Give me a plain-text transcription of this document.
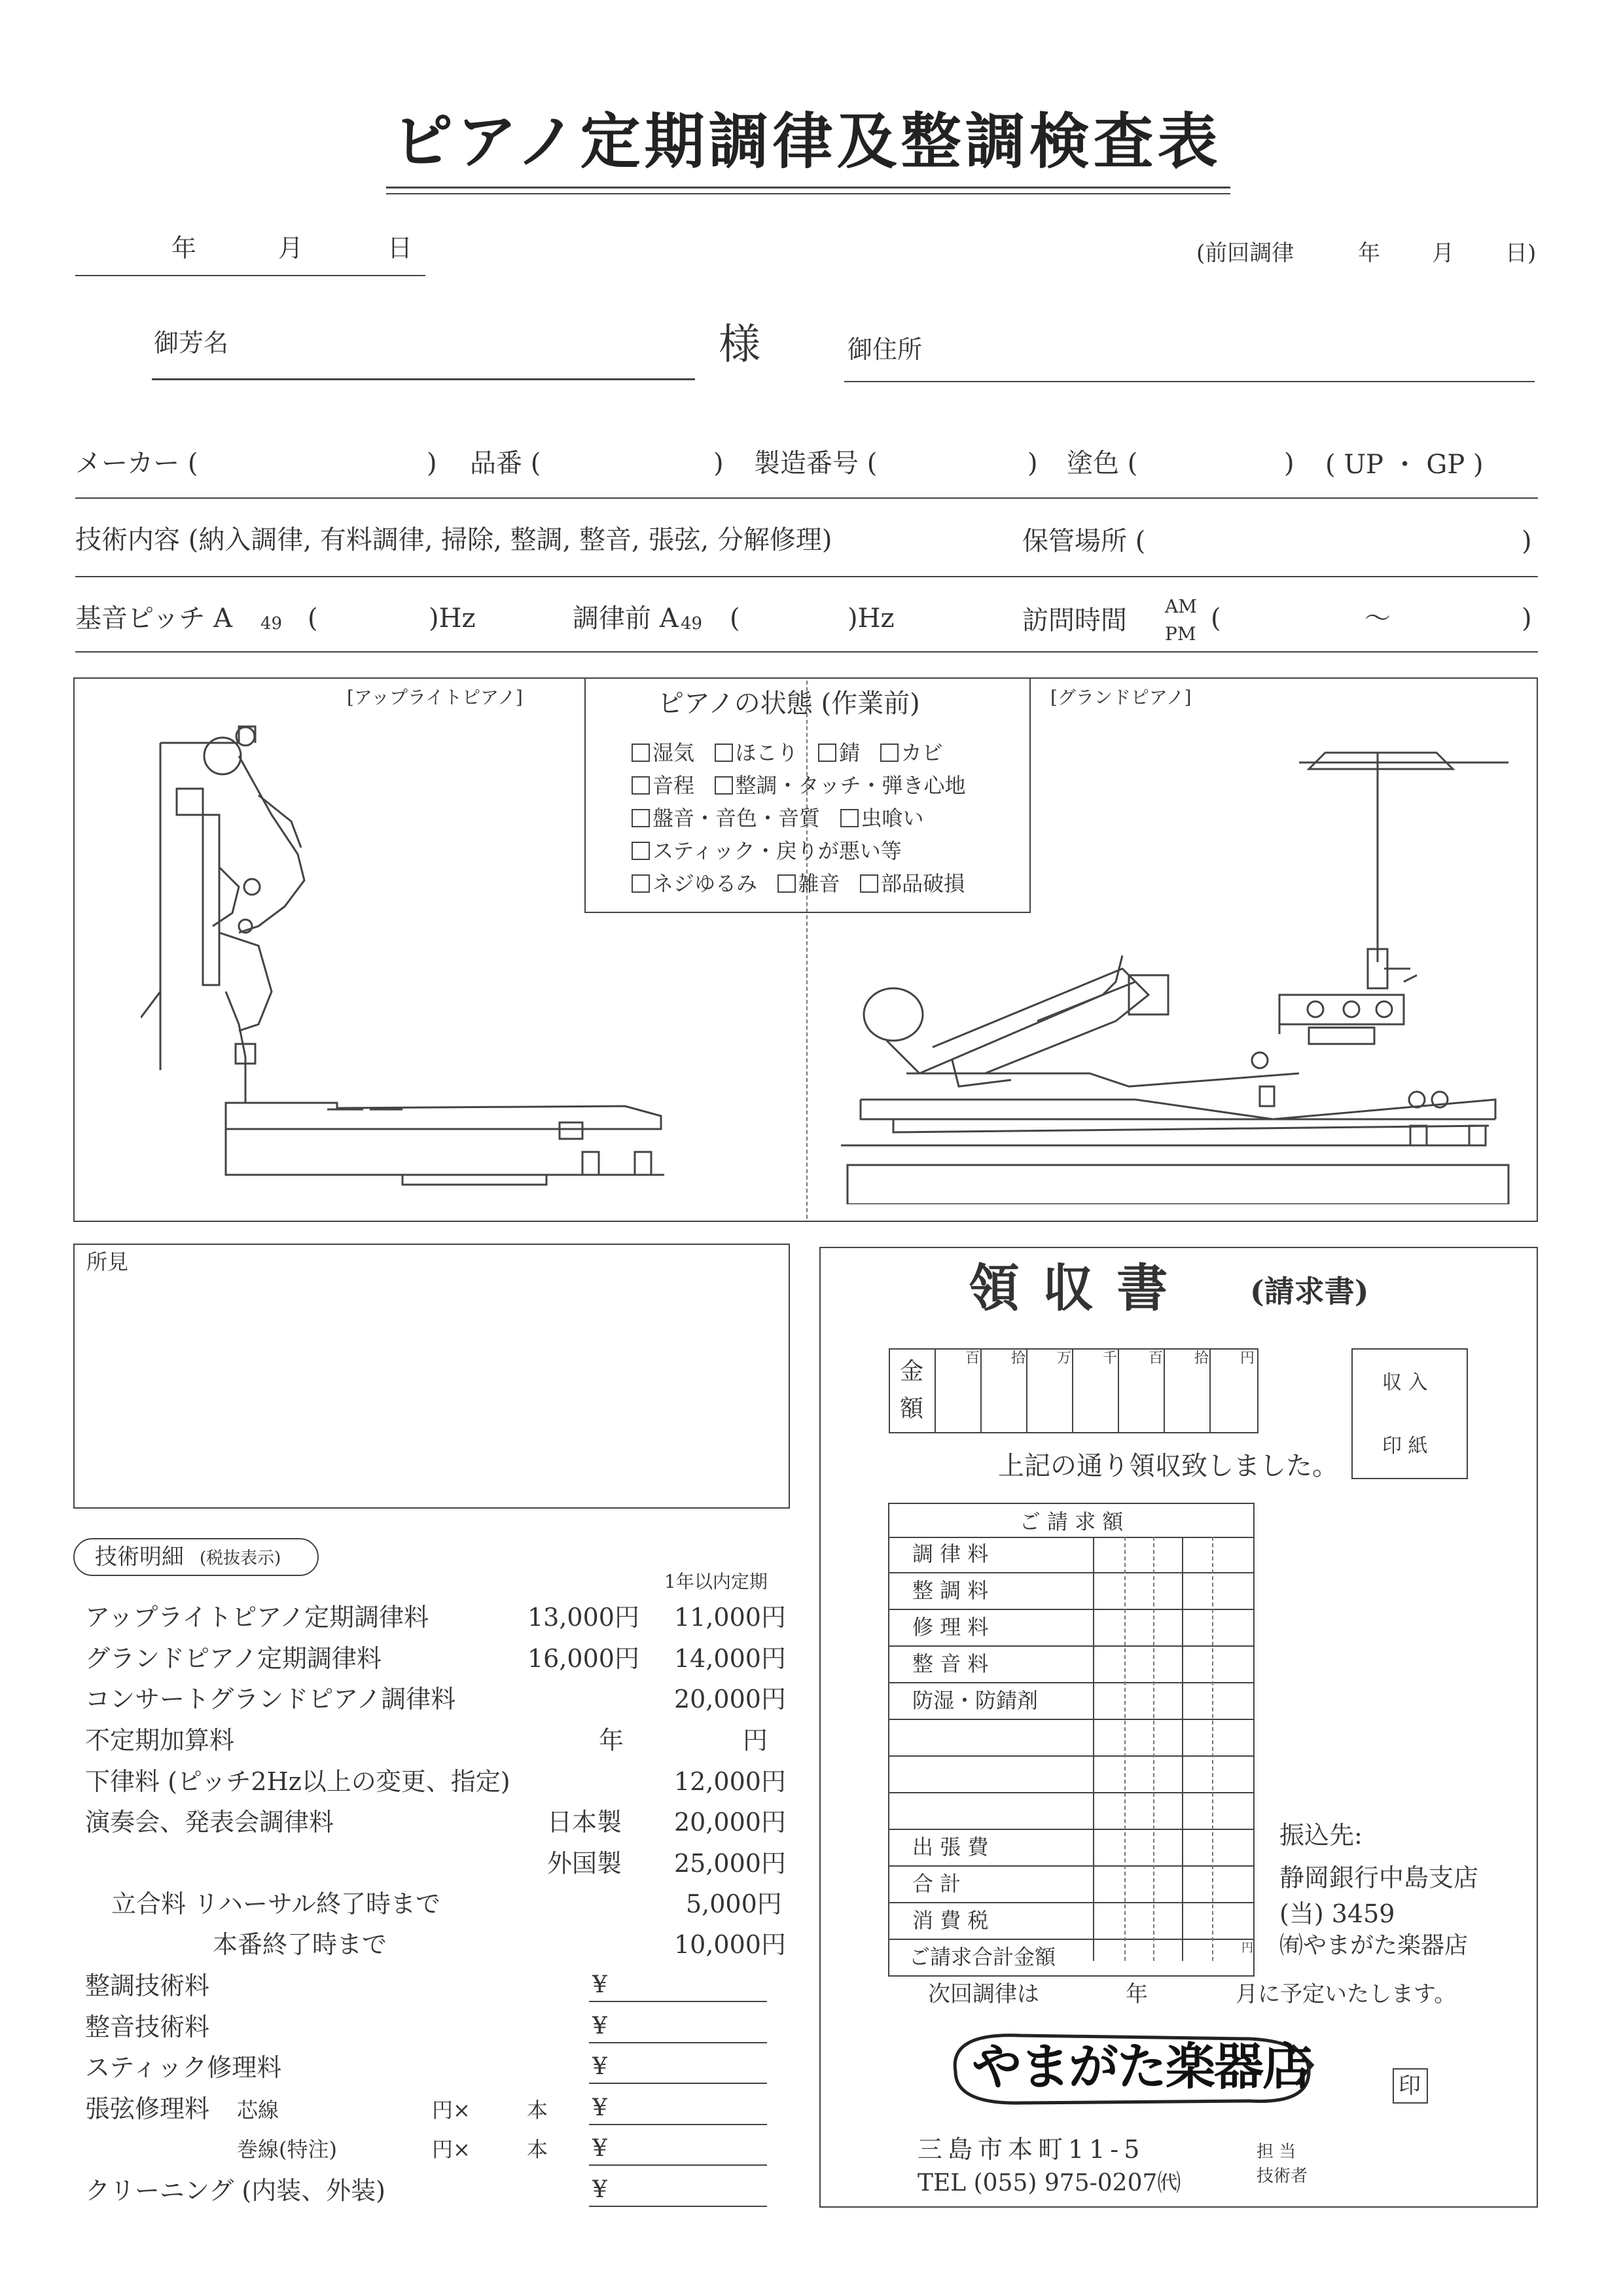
ピアノ定期調律及整調検査表
年	月	日	(前回調律	年 月 日)
御芳名	様	御住所
メーカー (	) 品番 (	) 製造番号 (	) 塗色 (	) ( UP ・ GP )
技術内容 (納入調律, 有料調律, 掃除, 整調, 整音, 張弦, 分解修理)	保管場所 (	)
基音ピッチ A 49 (	)Hz	調律前 A 49 (	)Hz	訪問時間 AM
PM
(	〜	)
[アップライトピアノ]	[グランドピアノ]
ピアノの状態 (作業前)
湿気 ほこり 錆 カビ
音程 整調・タッチ・弾き心地
盤音・音色・音質 虫喰い
スティック・戻りが悪い等
ネジゆるみ 雑音 部品破損
所見
技術明細 (税抜表示)
1年以内定期
アップライトピアノ定期調律料	13,000円 11,000円
グランドピアノ定期調律料	16,000円 14,000円
コンサートグランドピアノ調律料	20,000円
不定期加算料	年	円
下律料 (ピッチ2Hz以上の変更、指定)	12,000円
演奏会、発表会調律料	日本製 20,000円
外国製 25,000円
立合料 リハーサル終了時まで	5,000円
本番終了時まで	10,000円
整調技術料	¥
整音技術料	¥
スティック修理料	¥
張弦修理料 芯線	円×	本 ¥
巻線(特注)	円×	本 ¥
クリーニング (内装、外装)	¥
領 収 書	(請求書)
金
額
百 拾 万 千 百 拾 円
収 入
印 紙
上記の通り領収致しました。
ご 請 求 額
調 律 料
整 調 料
修 理 料
整 音 料
防湿・防錆剤
出 張 費
合 計
消 費 税
ご請求合計金額	円
振込先:
静岡銀行中島支店
(当) 3459
㈲やまがた楽器店
次回調律は	年	月に予定いたします。
やまがた楽器店	印
三島市本町11-5
TEL (055) 975-0207㈹
担 当
技術者
